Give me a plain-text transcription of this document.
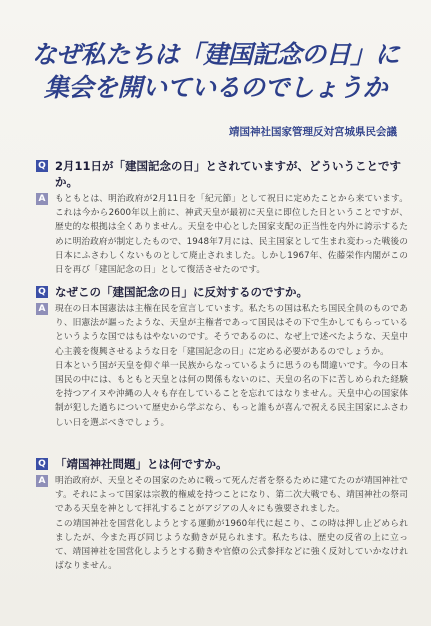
なぜ私たちは「建国記念の日」に
集会を開いているのでしょうか
靖国神社国家管理反対宮城県民会議
Q 2月11日が「建国記念の日」とされていますが、どういうことですか。
A もともとは、明治政府が2月11日を「紀元節」として祝日に定めたことから来ています。これは今から2600年以上前に、神武天皇が最初に天皇に即位した日ということですが、歴史的な根拠は全くありません。天皇を中心とした国家支配の正当性を内外に誇示するために明治政府が制定したもので、1948年7月には、民主国家として生まれ変わった戦後の日本にふさわしくないものとして廃止されました。しかし1967年、佐藤栄作内閣がこの日を再び「建国記念の日」として復活させたのです。

Q なぜこの「建国記念の日」に反対するのですか。
A 現在の日本国憲法は主権在民を宣言しています。私たちの国は私たち国民全員のものであり、旧憲法が謳ったような、天皇が主権者であって国民はその下で生かしてもらっているというような国ではもはやないのです。そうであるのに、なぜ上で述べたような、天皇中心主義を復興させるような日を「建国記念の日」に定める必要があるのでしょうか。

日本という国が天皇を仰ぐ単一民族からなっているように思うのも間違いです。今の日本国民の中には、もともと天皇とは何の関係もないのに、天皇の名の下に苦しめられた経験を持つアイヌや沖縄の人々も存在していることを忘れてはなりません。天皇中心の国家体制が犯した過ちについて歴史から学ぶなら、もっと誰もが喜んで祝える民主国家にふさわしい日を選ぶべきでしょう。

Q 「靖国神社問題」とは何ですか。
A 明治政府が、天皇とその国家のために戦って死んだ者を祭るために建てたのが靖国神社です。それによって国家は宗教的権威を持つことになり、第二次大戦でも、靖国神社の祭司である天皇を神として拝礼することがアジアの人々にも強要されました。

この靖国神社を国営化しようとする運動が1960年代に起こり、この時は押し止どめられましたが、今また再び同じような動きが見られます。私たちは、歴史の反省の上に立って、靖国神社を国営化しようとする動きや官僚の公式参拝などに強く反対していかなければなりません。
